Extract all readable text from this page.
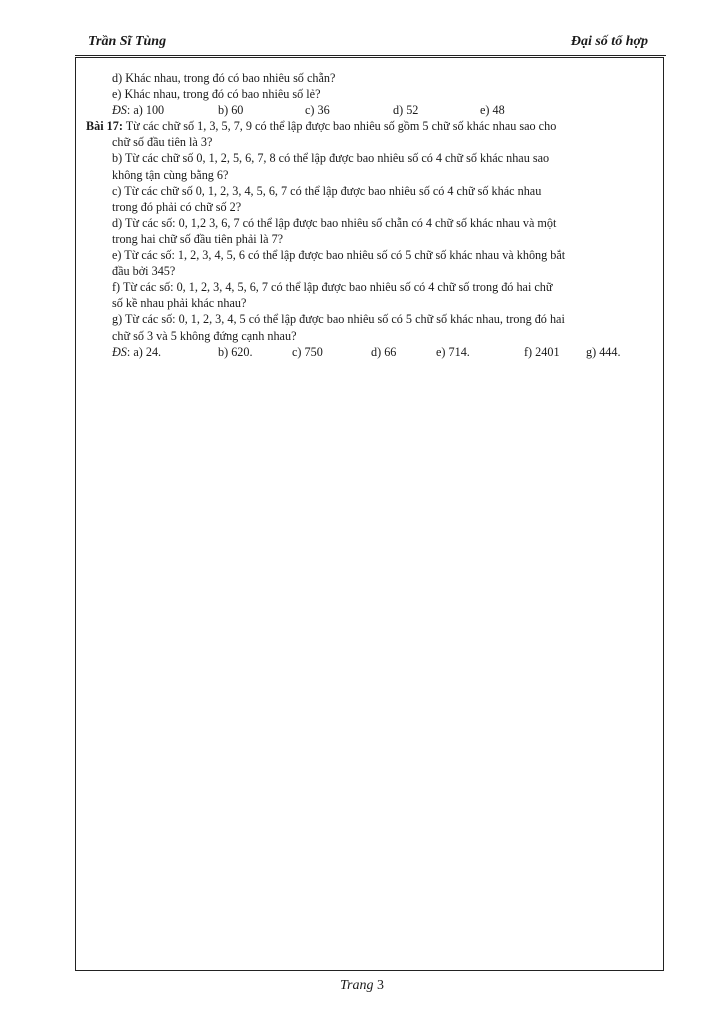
Trần Sĩ Tùng	Đại số tổ hợp
d) Khác nhau, trong đó có bao nhiêu số chẵn?
e) Khác nhau, trong đó có bao nhiêu số lẻ?
ĐS: a) 100	b) 60	c) 36	d) 52	e) 48
Bài 17: Từ các chữ số 1, 3, 5, 7, 9 có thể lập được bao nhiêu số gồm 5 chữ số khác nhau sao cho
chữ số đầu tiên là 3?
b) Từ các chữ số 0, 1, 2, 5, 6, 7, 8 có thể lập được bao nhiêu số có 4 chữ số khác nhau sao
không tận cùng bằng 6?
c) Từ các chữ số 0, 1, 2, 3, 4, 5, 6, 7 có thể lập được bao nhiêu số có 4 chữ số khác nhau
trong đó phải có chữ số 2?
d) Từ các số: 0, 1,2 3, 6, 7 có thể lập được bao nhiêu số chẵn có 4 chữ số khác nhau và một
trong hai chữ số đầu tiên phải là 7?
e) Từ các số: 1, 2, 3, 4, 5, 6 có thể lập được bao nhiêu số có 5 chữ số khác nhau và không bắt
đầu bởi 345?
f) Từ các số: 0, 1, 2, 3, 4, 5, 6, 7 có thể lập được bao nhiêu số có 4 chữ số trong đó hai chữ
số kề nhau phải khác nhau?
g) Từ các số: 0, 1, 2, 3, 4, 5 có thể lập được bao nhiêu số có 5 chữ số khác nhau, trong đó hai
chữ số 3 và 5 không đứng cạnh nhau?
ĐS: a) 24.	b) 620.	c) 750	d) 66	e) 714.	f) 2401 g) 444.
Trang 3
